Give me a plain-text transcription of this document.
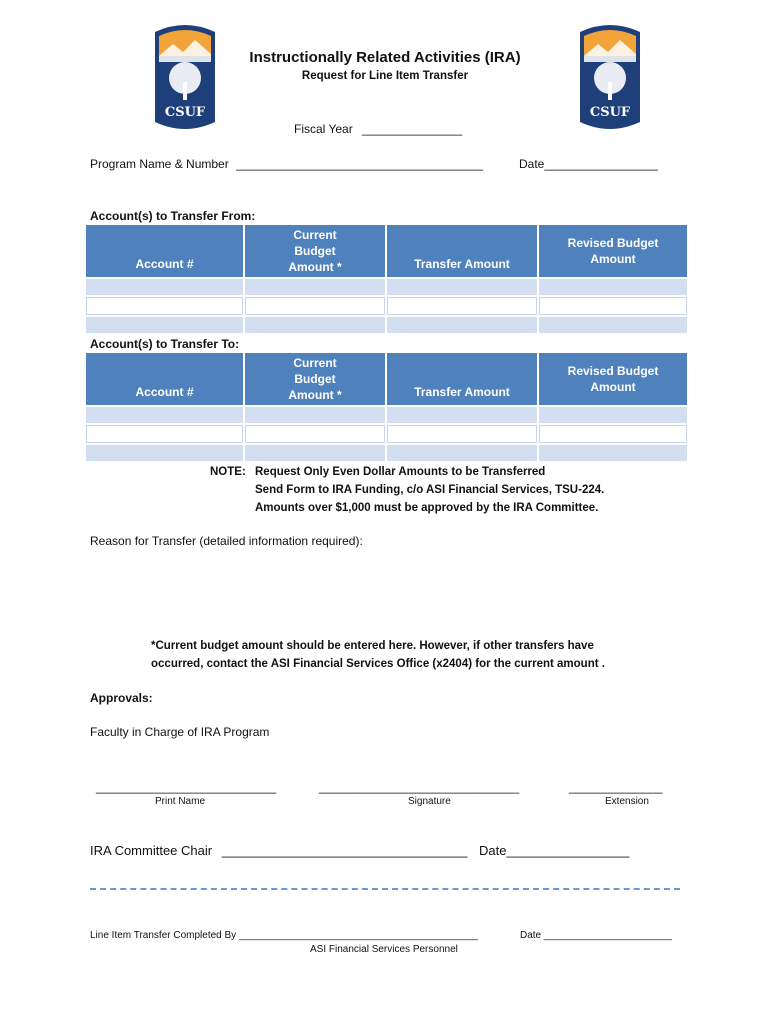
CSUF	CSUF
Instructionally Related Activities (IRA)
Request for Line Item Transfer
Fiscal Year _______________
Program Name & Number _____________________________________	Date_________________
Account(s) to Transfer From:
Account #	Current Budget Amount *	Transfer Amount	Revised Budget Amount

Account(s) to Transfer To:
Account #	Current Budget Amount *	Transfer Amount	Revised Budget Amount

NOTE: Request Only Even Dollar Amounts to be Transferred
Send Form to IRA Funding, c/o ASI Financial Services, TSU-224.
Amounts over $1,000 must be approved by the IRA Committee.
Reason for Transfer (detailed information required):
*Current budget amount should be entered here. However, if other transfers have
occurred, contact the ASI Financial Services Office (x2404) for the current amount .
Approvals:
Faculty in Charge of IRA Program
___________________________	______________________________	______________
Print Name	Signature	Extension
IRA Committee Chair __________________________________ Date_________________
Line Item Transfer Completed By ___________________________________________	Date _______________________
ASI Financial Services Personnel
